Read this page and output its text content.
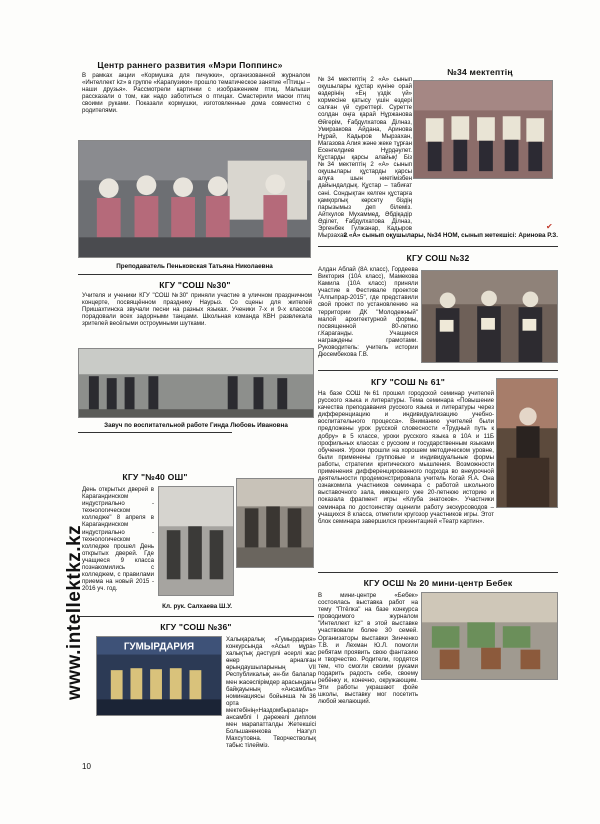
Центр раннего развития «Мэри Поппинс»
В рамках акции «Кормушка для пичужки», организованной журналом «Интеллект kz» в группе «Карапузики» прошло тематическое занятие «Птицы – наши друзья». Рассмотрели картинки с изображением птиц. Малыши рассказали о том, как надо заботиться о птицах. Смастерили маски птиц своими руками. Показали кормушки, изготовленные дома совместно с родителями.
Преподаватель Пеньковская Татьяна Николаевна
№34 мектептің
№34 мектептің 2 «А» сынып оқушылары құстар күніне орай өздерінің «Ең үздік үй» кормесіне қатысу үшін өздері салған үй суреттері. Суретте солдан оңға қарай Нұржанова Өйгерім, Ғабдулхатова Ділназ, Умирзакова Айдана, Аринова Нұрай, Кадыров Мырзахан, Магазова Алия және жеке тұрған Есенгелдиев Нұрдәулет. Құстарды қарсы алайық! Біз №34 мектептің 2 «А» сынып оқушылары құстарды қарсы алуға шын ниетімізбен дайындалдық. Құстар – табиғат сәні. Сондықтан келген құстарға қамқорлық көрсету біздің парызымыз деп білеміз. Айткулов Мухаммед, Әбдіқадір Әділет, Ғабдулхатова Ділназ, Эргенбек Гулжанар, Кадыров Мырзахан.
2 «А» сынып оқушылары, №34 НОМ, сынып жетекшісі: Аринова Р.З.
✔
КГУ "СОШ №30"
Учителя и ученики КГУ "СОШ №30" приняли участие в уличном праздничном концерте, посвящённом празднику Наурыз. Со сцены для жителей Пришахтинска звучали песни на разных языках. Ученики 7-х и 9-х классов порадовали всех задорными танцами. Школьная команда КВН развлекала зрителей весёлыми остроумными шутками.
Завуч по воспитательной работе Гинда Любовь Ивановна
КГУ СОШ №32
Алдан Аблай (8А класс), Гордеева Виктория (10А класс), Мамекова Камила (10А класс) приняли участие в Фестивале проектов "Алгыпрар-2015", где представили свой проект по установлению на территории ДК "Молодежный" малой архитектурной формы, посвященной 80-летию г.Караганды. Учащиеся награждены грамотами. Руководитель: учитель истории Дюсембекова Г.В.
КГУ "СОШ № 61"
На базе СОШ №61 прошел городской семинар учителей русского языка и литературы. Тема семинара «Повышение качества преподавания русского языка и литературы через дифференциацию и индивидуализацию учебно-воспитательного процесса». Вниманию учителей были предложены урок русской словесности «Трудный путь к добру» в 5 классе, уроки русского языка в 10А и 11Б профильных классах с русским и государственным языками обучения. Уроки прошли на хорошем методическом уровне, были применены групповые и индивидуальные формы работы, стратегии критического мышления. Возможности применения дифференцированного подхода во внеурочной деятельности продемонстрировала учитель Когай Я.А. Она ознакомила участников семинара с работой школьного выставочного зала, имеющего уже 20-летнюю историю и показала фрагмент игры «Клуба знатоков». Участники семинара по достоинству оценили работу экскурсоводов – учащихся 8 класса, отметили кругозор участников игры. Этот блок семинара завершился презентацией «Театр картин».
КГУ "№40 ОШ"
День открытых дверей в Карагандинском индустриально - технологическом колледже" 8 апреля в Карагандинском индустриально - технологическом колледже прошел День открытых дверей. Где учащиеся 9 класса познакомились с колледжем, с правилами приема на новый 2015 - 2016 уч. год.
Кл. рук. Салхаева Ш.У.
КГУ "СОШ №36"
ГУМЫРДАРИЯ
Халықаралық «Гумырдария» конкурсында «Асыл мұра» халықтық дәстүрлі әсерлі жас өнер арналған өрындаушыларының VII Республикалық ән-би балалар мен жасөспірімдер арасындағы байқауының «Ансамбль» номинациясы бойынша №36 орта мектебінің«Наздомбыралар» ансамблі I дәрежелі диплом мен марапатталды Жетекшісі Большаненкова Назгүл Махсутовна. Творчестволық табыс тілейміз.
КГУ ОСШ № 20 мини-центр Бебек
В мини-центре «Бебек» состоялась выставка работ на тему "Птёлка" на базе конкурса проводимого журналом "Интеллект kz" в этой выставке участвовали более 30 семей. Организаторы выставки Зинченко Т.В. и Лехман Ю.Л. помогли ребятам проявить свою фантазию и творчество. Родители, гордятся тем, что смогли своими руками подарить радость себе, своему ребёнку и, конечно, окружающим. Эти работы украшают фойе школы, выставку мог посетить любой желающий.
www.intellektkz.kz
10
